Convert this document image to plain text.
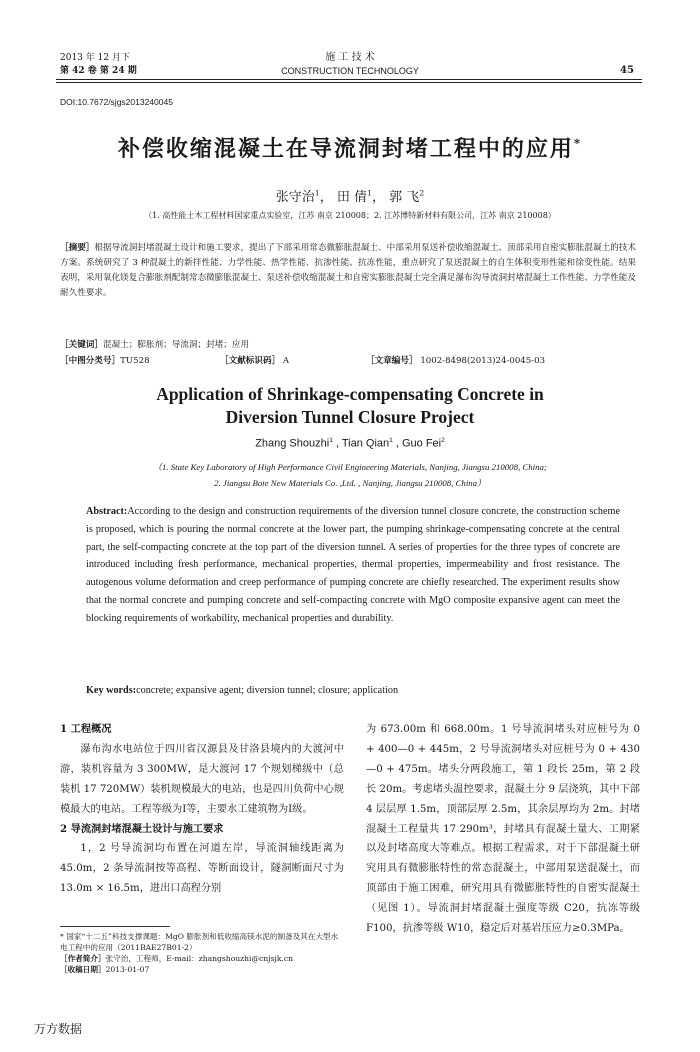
2013 年 12 月下
第 42 卷 第 24 期
施 工 技 术
CONSTRUCTION TECHNOLOGY	45
DOI:10.7672/sjgs2013240045
补偿收缩混凝土在导流洞封堵工程中的应用*
张守治$^1$， 田 倩$^1$， 郭 飞$^2$
（1. 高性能土木工程材料国家重点实验室，江苏 南京 210008；2. 江苏博特新材料有限公司，江苏 南京 210008）
［摘要］根据导流洞封堵混凝土设计和施工要求，提出了下部采用常态微膨胀混凝土、中部采用泵送补偿收缩混凝土、顶部采用自密实膨胀混凝土的技术方案。系统研究了 3 种混凝土的新拌性能、力学性能、热学性能、抗渗性能、抗冻性能，重点研究了泵送混凝土的自生体积变形性能和徐变性能。结果表明，采用氧化镁复合膨胀剂配制常态微膨胀混凝土、泵送补偿收缩混凝土和自密实膨胀混凝土完全满足瀑布沟导流洞封堵混凝土工作性能、力学性能及耐久性要求。
［关键词］混凝土；膨胀剂；导流洞；封堵；应用
［中图分类号］TU528	［文献标识码］ A	［文章编号］ 1002-8498(2013)24-0045-03
Application of Shrinkage-compensating Concrete in
Diversion Tunnel Closure Project
Zhang Shouzhi$^1$ , Tian Qian$^1$ , Guo Fei$^2$
（1. State Key Laboratory of High Performance Civil Engineering Materials, Nanjing, Jiangsu 210008, China;
2. Jiangsu Bote New Materials Co. ,Ltd. , Nanjing, Jiangsu 210008, China）
Abstract:According to the design and construction requirements of the diversion tunnel closure concrete, the construction scheme is proposed, which is pouring the normal concrete at the lower part, the pumping shrinkage-compensating concrete at the central part, the self-compacting concrete at the top part of the diversion tunnel. A series of properties for the three types of concrete are introduced including fresh performance, mechanical properties, thermal properties, impermeability and frost resistance. The autogenous volume deformation and creep performance of pumping concrete are chiefly researched. The experiment results show that the normal concrete and pumping concrete and self-compacting concrete with MgO composite expansive agent can meet the blocking requirements of workability, mechanical properties and durability.
Key words:concrete; expansive agent; diversion tunnel; closure; application
1 工程概况

瀑布沟水电站位于四川省汉源县及甘洛县境内的大渡河中游，装机容量为 3 300MW，是大渡河 17 个规划梯级中（总装机 17 720MW）装机规模最大的电站，也是四川负荷中心规模最大的电站。工程等级为Ⅰ等，主要水工建筑物为Ⅰ级。

2 导流洞封堵混凝土设计与施工要求

1，2 号导流洞均布置在河道左岸，导流洞轴线距离为 45.0m，2 条导流洞按等高程、等断面设计，隧洞断面尺寸为 13.0m × 16.5m，进出口高程分别

为 673.00m 和 668.00m。1 号导流洞堵头对应桩号为 0 + 400—0 + 445m，2 号导流洞堵头对应桩号为 0 + 430—0 + 475m。堵头分两段施工，第 1 段长 25m，第 2 段长 20m。考虑堵头温控要求，混凝土分 9 层浇筑，其中下部 4 层层厚 1.5m，顶部层厚 2.5m，其余层厚均为 2m。封堵混凝土工程量共 17 290m³，封堵具有混凝土量大、工期紧以及封堵高度大等难点。根据工程需求，对于下部混凝土研究用具有微膨胀特性的常态混凝土，中部用泵送混凝土，而顶部由于施工困难，研究用具有微膨胀特性的自密实混凝土（见图 1）。导流洞封堵混凝土强度等级 C20，抗冻等级 F100，抗渗等级 W10，稳定后对基岩压应力≥0.3MPa。

* 国家“十二五”科技支撑课题：MgO 膨胀剂和低收缩高镁水泥的制备及其在大型水电工程中的应用（2011BAE27B01-2）
［作者简介］张守治，工程师，E-mail：zhangshouzhi@cnjsjk.cn
［收稿日期］2013-01-07
万方数据
